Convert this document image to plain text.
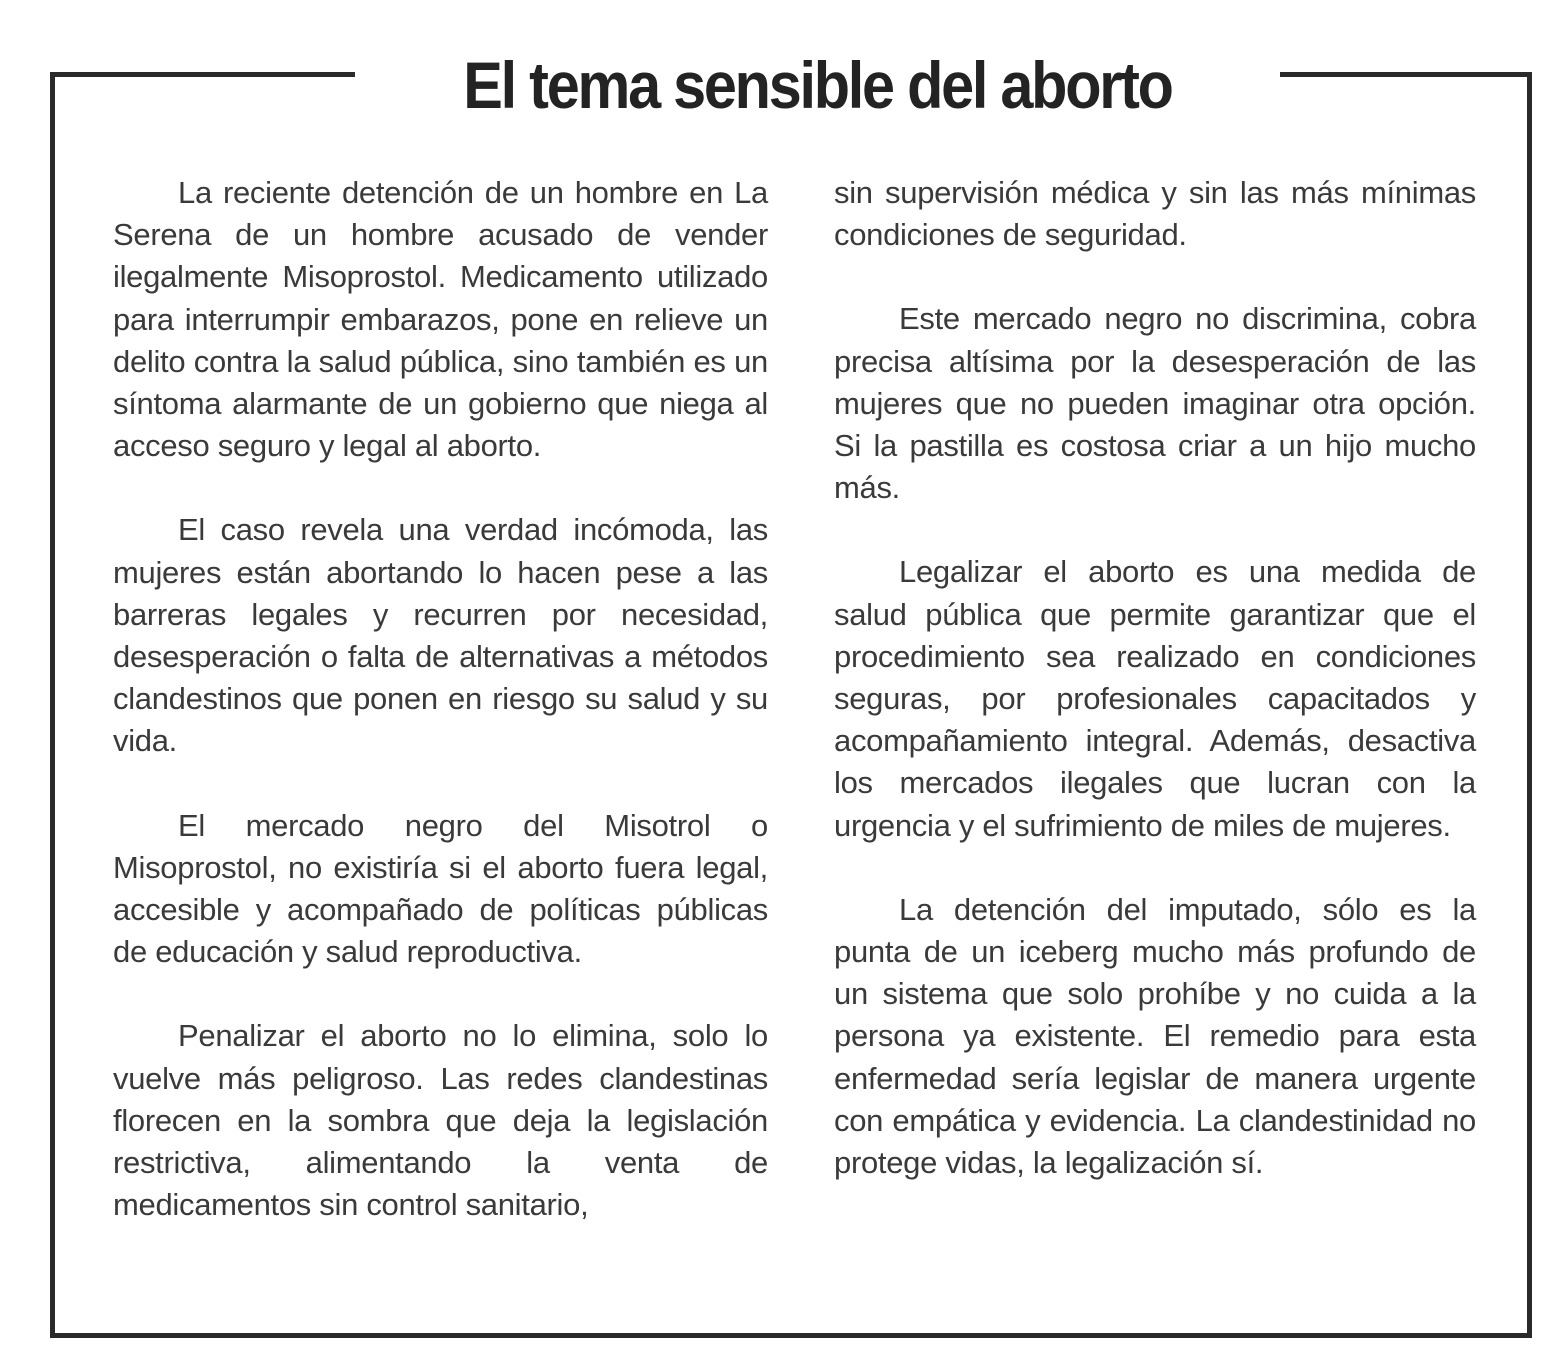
El tema sensible del aborto

La reciente detención de un hombre en La Serena de un hombre acusado de vender ilegalmente Misoprostol. Medicamento utilizado para interrumpir embarazos, pone en relieve un delito contra la salud pública, sino también es un síntoma alarmante de un gobierno que niega al acceso seguro y legal al aborto.

El caso revela una verdad incómoda, las mujeres están abortando lo hacen pese a las barreras legales y recurren por necesidad, desesperación o falta de alternativas a métodos clandestinos que ponen en riesgo su salud y su vida.

El mercado negro del Misotrol o Misoprostol, no existiría si el aborto fuera legal, accesible y acompañado de políticas públicas de educación y salud reproductiva.

Penalizar el aborto no lo elimina, solo lo vuelve más peligroso. Las redes clandestinas florecen en la sombra que deja la legislación restrictiva, alimentando la venta de medicamentos sin control sanitario,

sin supervisión médica y sin las más mínimas condiciones de seguridad.

Este mercado negro no discrimina, cobra precisa altísima por la desesperación de las mujeres que no pueden imaginar otra opción. Si la pastilla es costosa criar a un hijo mucho más.

Legalizar el aborto es una medida de salud pública que permite garantizar que el procedimiento sea realizado en condiciones seguras, por profesionales capacitados y acompañamiento integral. Además, desactiva los mercados ilegales que lucran con la urgencia y el sufrimiento de miles de mujeres.

La detención del imputado, sólo es la punta de un iceberg mucho más profundo de un sistema que solo prohíbe y no cuida a la persona ya existente. El remedio para esta enfermedad sería legislar de manera urgente con empática y evidencia. La clandestinidad no protege vidas, la legalización sí.
